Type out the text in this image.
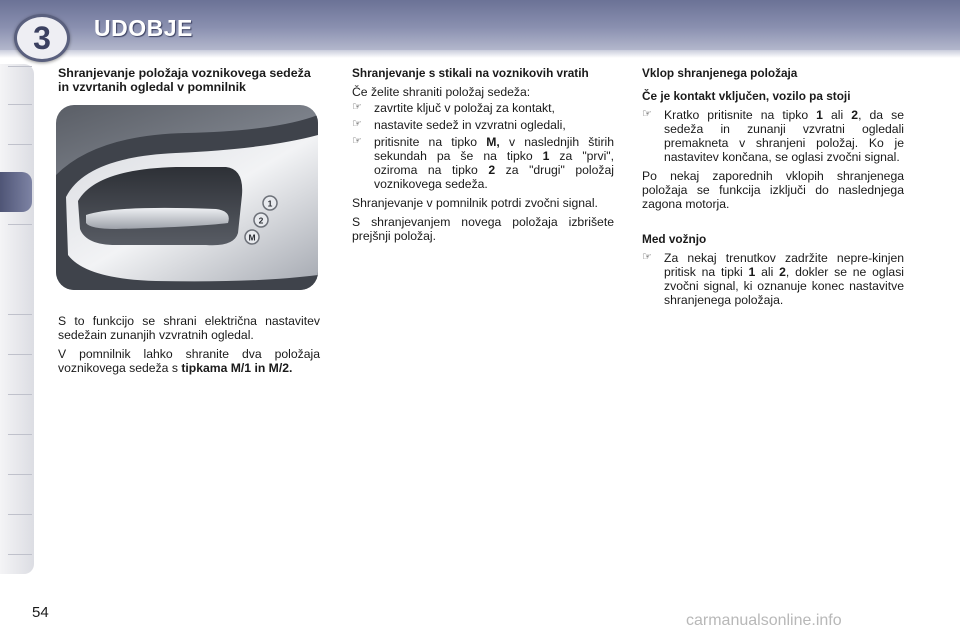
3	UDOBJE

Shranjevanje položaja voznikovega sedeža in vzvrtanih ogledal v pomnilnik

1
2
M

S to funkcijo se shrani električna nastavitev sedežain zunanjih vzvratnih ogledal.

V pomnilnik lahko shranite dva položaja voznikovega sedeža s tipkama M/1 in M/2.

Shranjevanje s stikali na voznikovih vratih

Če želite shraniti položaj sedeža:

☞ zavrtite ključ v položaj za kontakt,
☞ nastavite sedež in vzvratni ogledali,
☞ pritisnite na tipko M, v naslednjih štirih sekundah pa še na tipko 1 za "prvi", oziroma na tipko 2 za "drugi" položaj voznikovega sedeža.

Shranjevanje v pomnilnik potrdi zvočni signal.

S shranjevanjem novega položaja izbrišete prejšnji položaj.

Vklop shranjenega položaja

Če je kontakt vključen, vozilo pa stoji

☞ Kratko pritisnite na tipko 1 ali 2, da se sedeža in zunanji vzvratni ogledali premakneta v shranjeni položaj. Ko je nastavitev končana, se oglasi zvočni signal.

Po nekaj zaporednih vklopih shranjenega položaja se funkcija izključi do naslednjega zagona motorja.

Med vožnjo

☞ Za nekaj trenutkov zadržite nepre-kinjen pritisk na tipki 1 ali 2, dokler se ne oglasi zvočni signal, ki oznanuje konec nastavitve shranjenega položaja.
54	carmanualsonline.info
